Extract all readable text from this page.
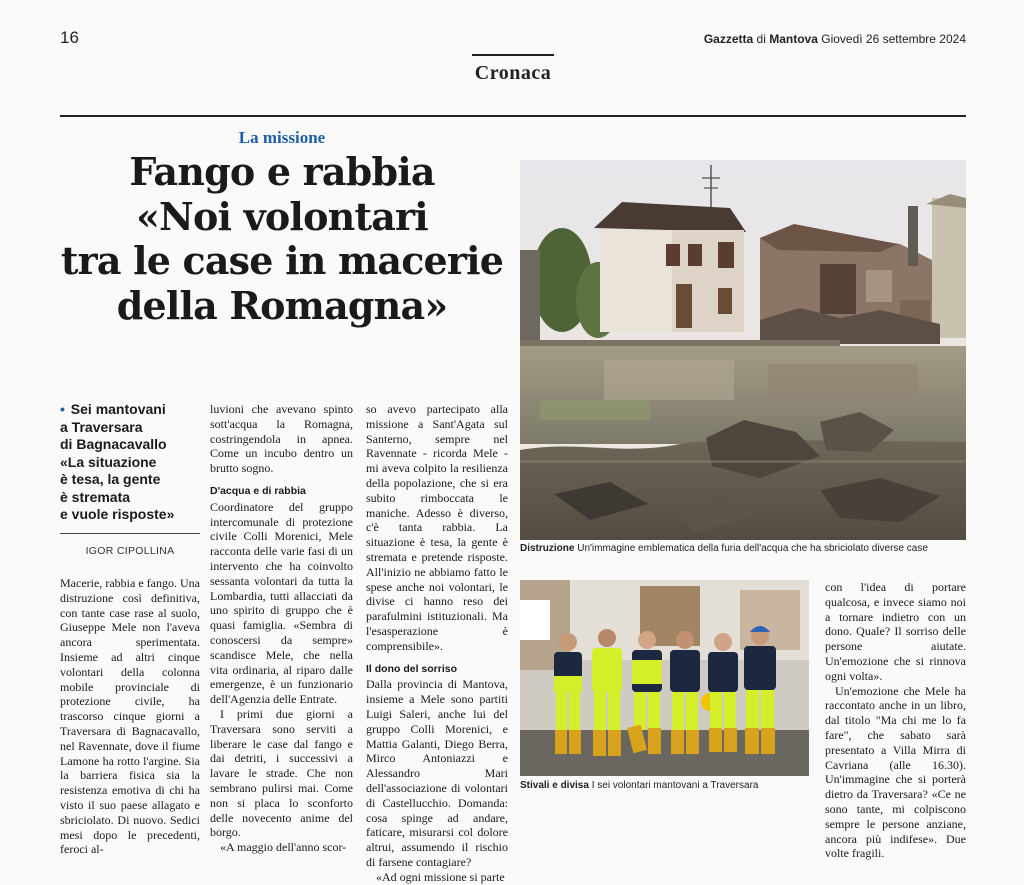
16	Gazzetta di Mantova Giovedì 26 settembre 2024
Cronaca
La missione
Fango e rabbia
«Noi volontari
tra le case in macerie
della Romagna»
• Sei mantovani
a Traversara
di Bagnacavallo
«La situazione
è tesa, la gente
è stremata
e vuole risposte»
IGOR CIPOLLINA

Macerie, rabbia e fango. Una distruzione così definitiva, con tante case rase al suolo, Giuseppe Mele non l'aveva ancora sperimentata. Insieme ad altri cinque volontari della colonna mobile provinciale di protezione civile, ha trascorso cinque giorni a Traversara di Bagnacavallo, nel Ravennate, dove il fiume Lamone ha rotto l'argine. Sia la barriera fisica sia la resistenza emotiva di chi ha visto il suo paese allagato e sbriciolato. Di nuovo. Sedici mesi dopo le precedenti, feroci al-

luvioni che avevano spinto sott'acqua la Romagna, costringendola in apnea. Come un incubo dentro un brutto sogno.

D'acqua e di rabbia

Coordinatore del gruppo intercomunale di protezione civile Colli Morenici, Mele racconta delle varie fasi di un intervento che ha coinvolto sessanta volontari da tutta la Lombardia, tutti allacciati da uno spirito di gruppo che è quasi famiglia. «Sembra di conoscersi da sempre» scandisce Mele, che nella vita ordinaria, al riparo dalle emergenze, è un funzionario dell'Agenzia delle Entrate.

I primi due giorni a Traversara sono serviti a liberare le case dal fango e dai detriti, i successivi a lavare le strade. Che non sembrano pulirsi mai. Come non si placa lo sconforto delle novecento anime del borgo.

«A maggio dell'anno scor-

so avevo partecipato alla missione a Sant'Agata sul Santerno, sempre nel Ravennate - ricorda Mele - mi aveva colpito la resilienza della popolazione, che si era subito rimboccata le maniche. Adesso è diverso, c'è tanta rabbia. La situazione è tesa, la gente è stremata e pretende risposte. All'inizio ne abbiamo fatto le spese anche noi volontari, le divise ci hanno reso dei parafulmini istituzionali. Ma l'esasperazione è comprensibile».

Il dono del sorriso

Dalla provincia di Mantova, insieme a Mele sono partiti Luigi Saleri, anche lui del gruppo Colli Morenici, e Mattia Galanti, Diego Berra, Mirco Antoniazzi e Alessandro Mari dell'associazione di volontari di Castellucchio. Domanda: cosa spinge ad andare, faticare, misurarsi col dolore altrui, assumendo il rischio di farsene contagiare?

«Ad ogni missione si parte

con l'idea di portare qualcosa, e invece siamo noi a tornare indietro con un dono. Quale? Il sorriso delle persone aiutate. Un'emozione che si rinnova ogni volta».

Un'emozione che Mele ha raccontato anche in un libro, dal titolo "Ma chi me lo fa fare", che sabato sarà presentato a Villa Mirra di Cavriana (alle 16.30). Un'immagine che si porterà dietro da Traversara? «Ce ne sono tante, mi colpiscono sempre le persone anziane, ancora più indifese». Due volte fragili.

Distruzione Un'immagine emblematica della furia dell'acqua che ha sbriciolato diverse case
Stivali e divisa I sei volontari mantovani a Traversara
